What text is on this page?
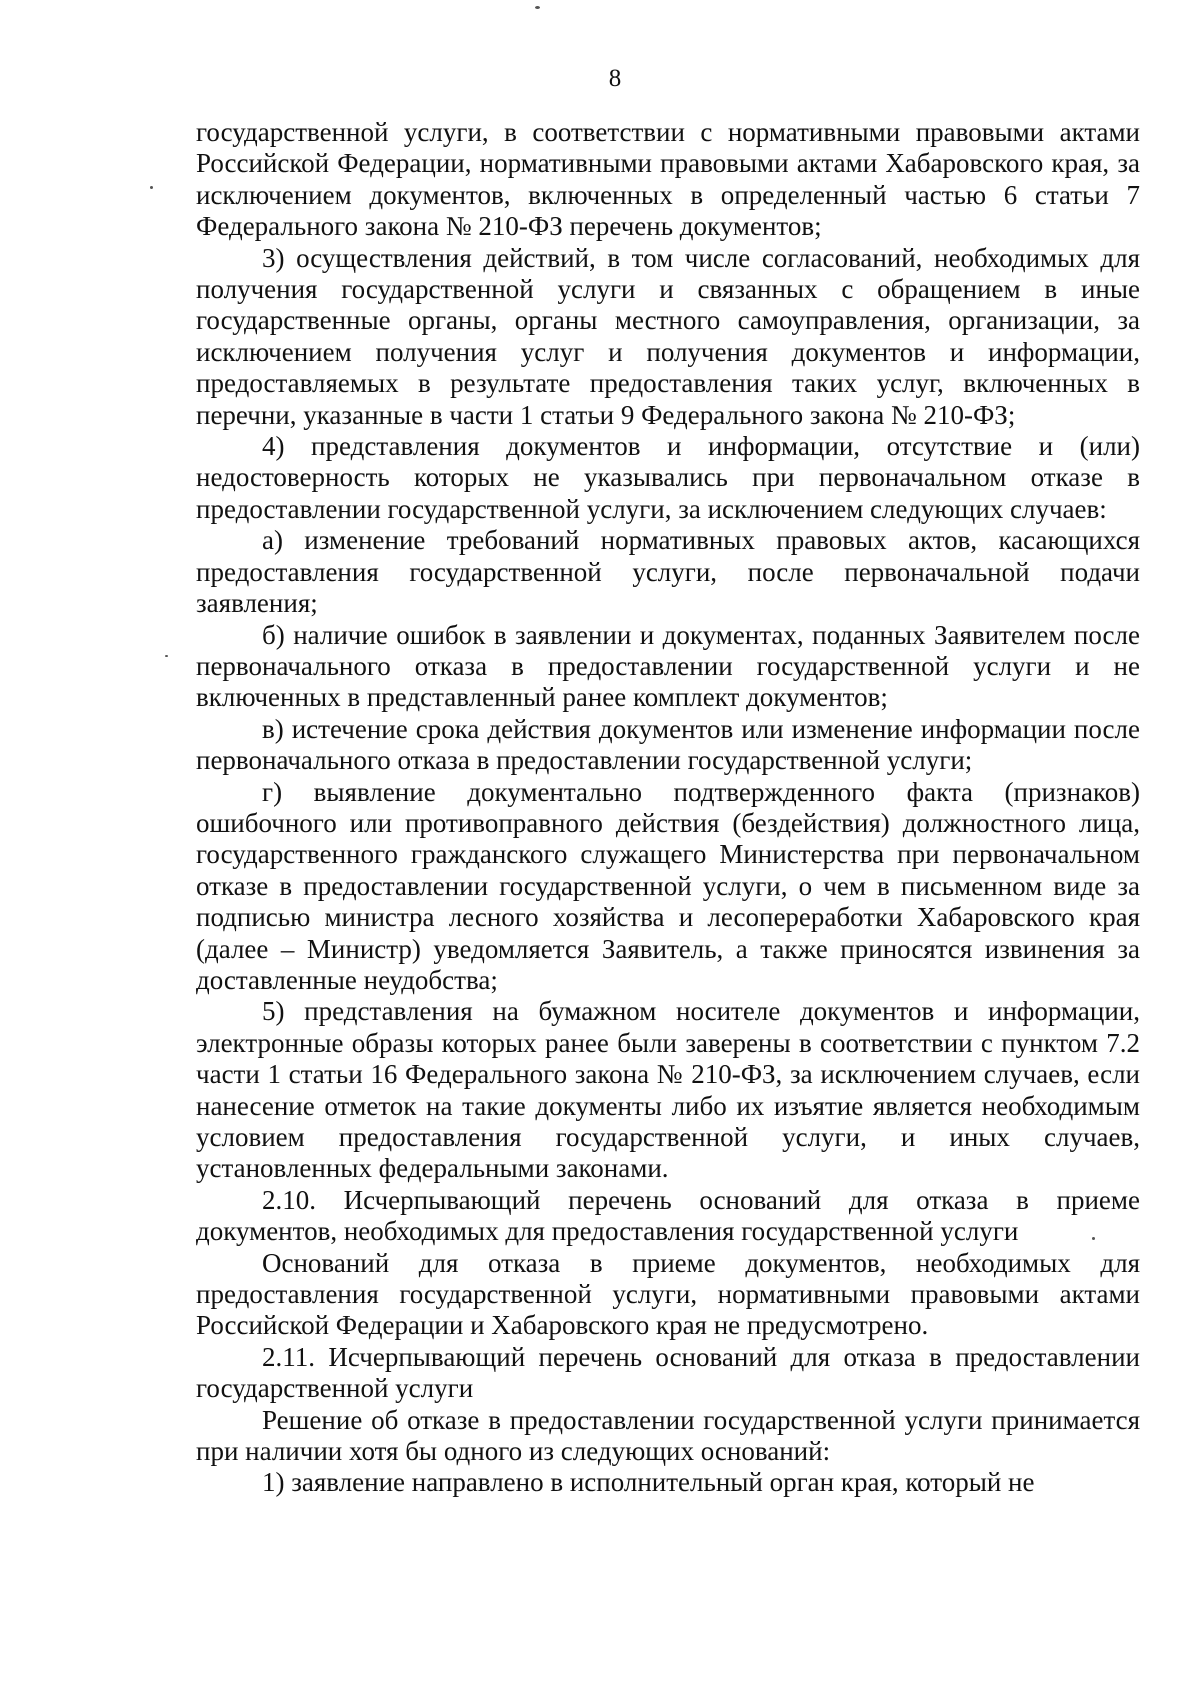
8

государственной услуги, в соответствии с нормативными правовыми актами Российской Федерации, нормативными правовыми актами Хабаровского края, за исключением документов, включенных в определенный частью 6 статьи 7 Федерального закона № 210-ФЗ перечень документов;

3) осуществления действий, в том числе согласований, необходимых для получения государственной услуги и связанных с обращением в иные государственные органы, органы местного самоуправления, организации, за исключением получения услуг и получения документов и информации, предоставляемых в результате предоставления таких услуг, включенных в перечни, указанные в части 1 статьи 9 Федерального закона № 210-ФЗ;

4) представления документов и информации, отсутствие и (или) недостоверность которых не указывались при первоначальном отказе в предоставлении государственной услуги, за исключением следующих случаев:

а) изменение требований нормативных правовых актов, касающихся предоставления государственной услуги, после первоначальной подачи заявления;

б) наличие ошибок в заявлении и документах, поданных Заявителем после первоначального отказа в предоставлении государственной услуги и не включенных в представленный ранее комплект документов;

в) истечение срока действия документов или изменение информации после первоначального отказа в предоставлении государственной услуги;

г) выявление документально подтвержденного факта (признаков) ошибочного или противоправного действия (бездействия) должностного лица, государственного гражданского служащего Министерства при первоначальном отказе в предоставлении государственной услуги, о чем в письменном виде за подписью министра лесного хозяйства и лесопереработки Хабаровского края (далее – Министр) уведомляется Заявитель, а также приносятся извинения за доставленные неудобства;

5) представления на бумажном носителе документов и информации, электронные образы которых ранее были заверены в соответствии с пунктом 7.2 части 1 статьи 16 Федерального закона № 210-ФЗ, за исключением случаев, если нанесение отметок на такие документы либо их изъятие является необходимым условием предоставления государственной услуги, и иных случаев, установленных федеральными законами.

2.10. Исчерпывающий перечень оснований для отказа в приеме документов, необходимых для предоставления государственной услуги

Оснований для отказа в приеме документов, необходимых для предоставления государственной услуги, нормативными правовыми актами Российской Федерации и Хабаровского края не предусмотрено.

2.11. Исчерпывающий перечень оснований для отказа в предоставлении государственной услуги

Решение об отказе в предоставлении государственной услуги принимается при наличии хотя бы одного из следующих оснований:

1) заявление направлено в исполнительный орган края, который не
